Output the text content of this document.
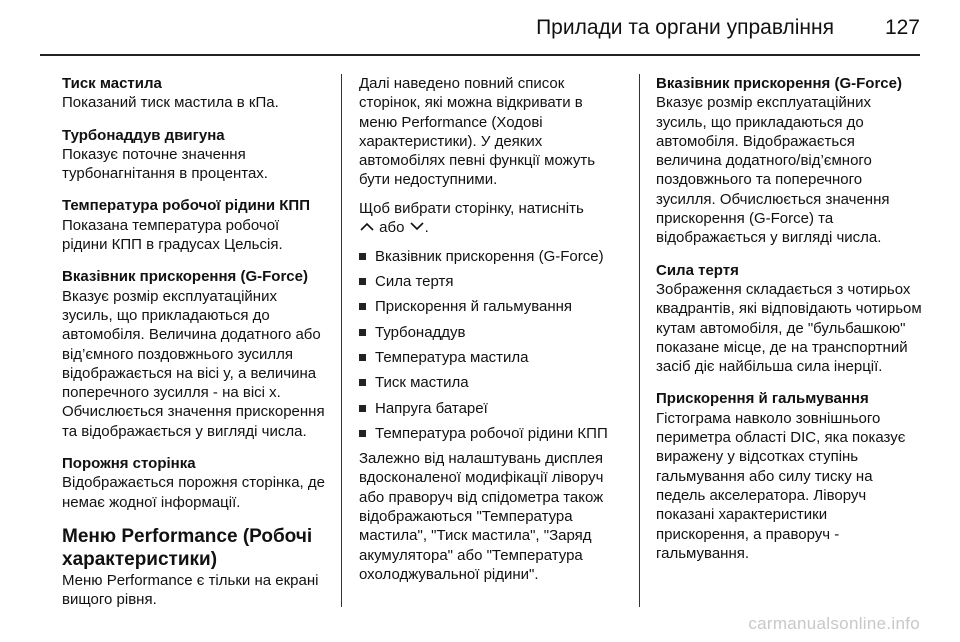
Прилади та органи управління 127
Тиск мастила
Показаний тиск мастила в кПа.
Турбонаддув двигуна
Показує поточне значення турбонагнітання в процентах.
Температура робочої рідини КПП
Показана температура робочої рідини КПП в градусах Цельсія.
Вказівник прискорення (G-Force)
Вказує розмір експлуатаційних зусиль, що прикладаються до автомобіля. Величина додатного або від’ємного поздовжнього зусилля відображається на вісі y, а величина поперечного зусилля - на вісі x. Обчислюється значення прискорення та відображається у вигляді числа.
Порожня сторінка
Відображається порожня сторінка, де немає жодної інформації.
Меню Performance (Робочі характеристики)
Меню Performance є тільки на екрані вищого рівня.
Далі наведено повний список сторінок, які можна відкривати в меню Performance (Ходові характеристики). У деяких автомобілях певні функції можуть бути недоступними.
Щоб вибрати сторінку, натисніть
або .
Вказівник прискорення (G-Force)
Сила тертя
Прискорення й гальмування
Турбонаддув
Температура мастила
Тиск мастила
Напруга батареї
Температура робочої рідини КПП
Залежно від налаштувань дисплея вдосконаленої модифікації ліворуч або праворуч від спідометра також відображаються "Температура мастила", "Тиск мастила", "Заряд акумулятора" або "Температура охолоджувальної рідини".
Вказівник прискорення (G-Force)
Вказує розмір експлуатаційних зусиль, що прикладаються до автомобіля. Відображається величина додатного/від’ємного поздовжнього та поперечного зусилля. Обчислюється значення прискорення (G-Force) та відображається у вигляді числа.
Сила тертя
Зображення складається з чотирьох квадрантів, які відповідають чотирьом кутам автомобіля, де "бульбашкою" показане місце, де на транспортний засіб діє найбільша сила інерції.
Прискорення й гальмування
Гістограма навколо зовнішнього периметра області DIC, яка показує виражену у відсотках ступінь гальмування або силу тиску на педель акселератора. Ліворуч показані характеристики прискорення, а праворуч - гальмування.
carmanualsonline.info
